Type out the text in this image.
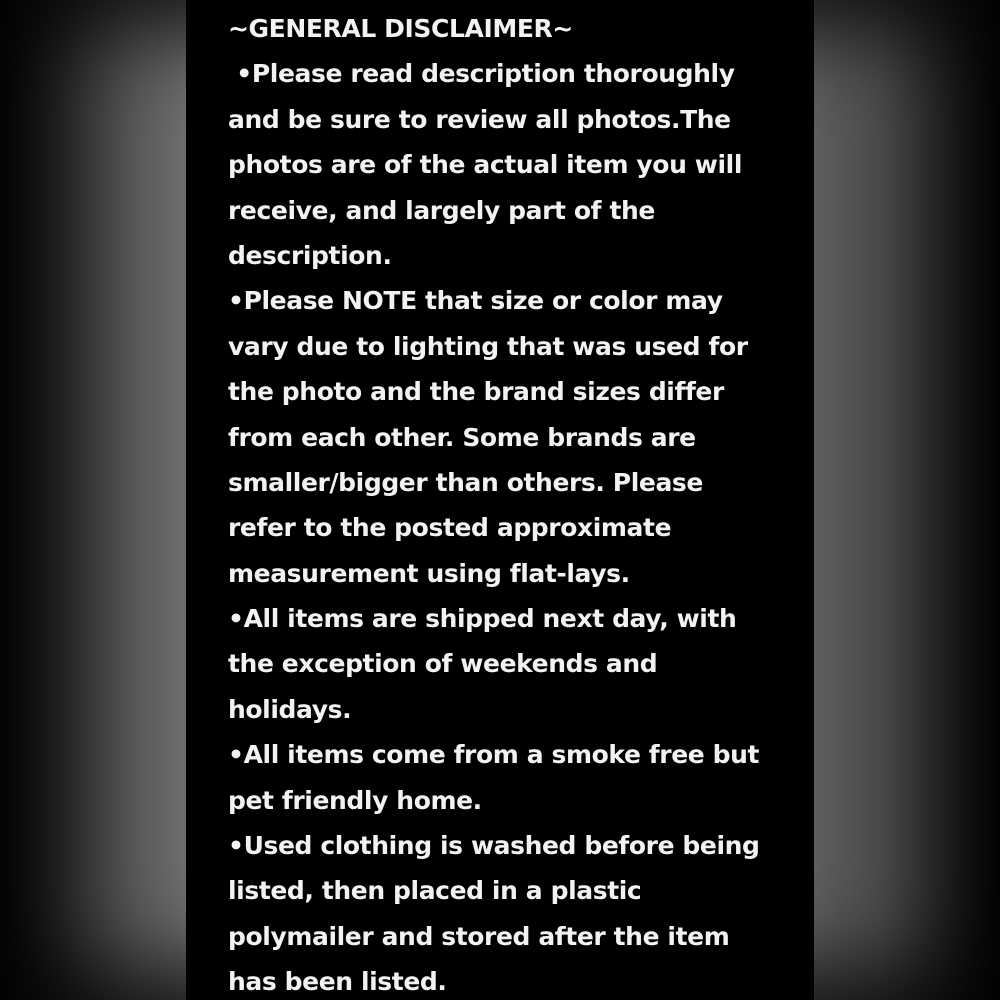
~GENERAL DISCLAIMER~
•Please read description thoroughly
and be sure to review all photos.The
photos are of the actual item you will
receive, and largely part of the
description.
•Please NOTE that size or color may
vary due to lighting that was used for
the photo and the brand sizes differ
from each other. Some brands are
smaller/bigger than others. Please
refer to the posted approximate
measurement using flat-lays.
•All items are shipped next day, with
the exception of weekends and
holidays.
•All items come from a smoke free but
pet friendly home.
•Used clothing is washed before being
listed, then placed in a plastic
polymailer and stored after the item
has been listed.
